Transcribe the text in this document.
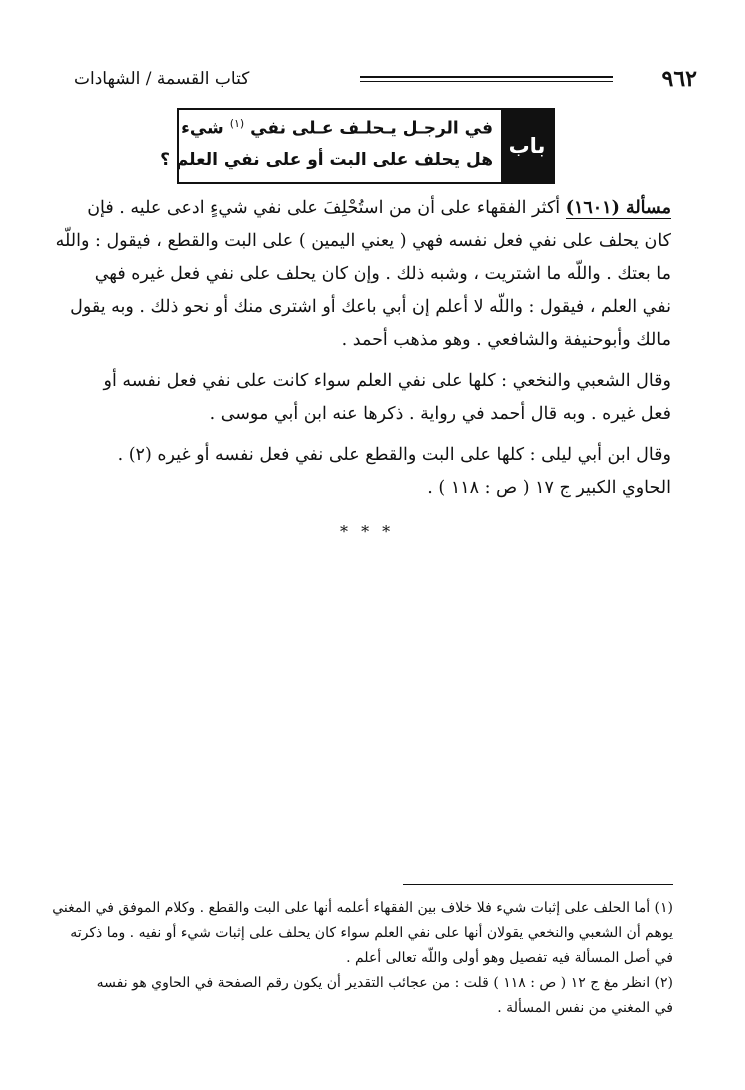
٩٦٢
كتاب القسمة / الشهادات
باب
في الرجـل يـحلـف عـلى نفي $^{(١)}$ شيء
هل يحلف على البت أو على نفي العلم ؟
مسألة (١٦٠١) أكثر الفقهاء على أن من استُحْلِفَ على نفي شيءٍ ادعى عليه . فإن
كان يحلف على نفي فعل نفسه فهي ( يعني اليمين ) على البت والقطع ، فيقول : واللّه
ما بعتك . واللّه ما اشتريت ، وشبه ذلك . وإن كان يحلف على نفي فعل غيره فهي
نفي العلم ، فيقول : واللّه لا أعلم إن أبي باعك أو اشترى منك أو نحو ذلك . وبه يقول
مالك وأبوحنيفة والشافعي . وهو مذهب أحمد .
وقال الشعبي والنخعي : كلها على نفي العلم سواء كانت على نفي فعل نفسه أو
فعل غيره . وبه قال أحمد في رواية . ذكرها عنه ابن أبي موسى .
وقال ابن أبي ليلى : كلها على البت والقطع على نفي فعل نفسه أو غيره (٢) .
الحاوي الكبير ج ١٧ ( ص : ١١٨ ) .
* * *
(١) أما الحلف على إثبات شيء فلا خلاف بين الفقهاء أعلمه أنها على البت والقطع . وكلام الموفق في المغني
يوهم أن الشعبي والنخعي يقولان أنها على نفي العلم سواء كان يحلف على إثبات شيء أو نفيه . وما ذكرته
في أصل المسألة فيه تفصيل وهو أولى واللّه تعالى أعلم .
(٢) انظر مغ ج ١٢ ( ص : ١١٨ ) قلت : من عجائب التقدير أن يكون رقم الصفحة في الحاوي هو نفسه
في المغني من نفس المسألة .
